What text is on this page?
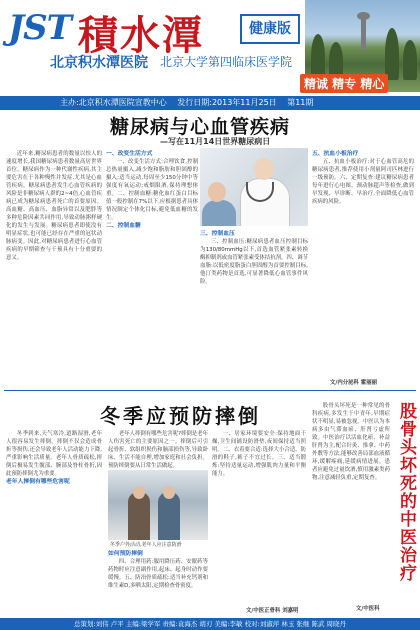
JST 積水潭	健康版
北京积水潭医院 北京大学第四临床医学院
精诚 精专 精心
主办:北京积水潭医院宣教中心 发行日期:2013年11月25日 第11期
糖尿病与心血管疾病
—写在11月14日世界糖尿病日

近年来,糖尿病患者的数量以惊人的速度增长,我国糖尿病患者数量高居世界首位。糖尿病作为一种代谢性疾病,其主要危害在于各种慢性并发症,尤其是心血管疾病。糖尿病患者发生心血管疾病的风险是非糖尿病人群的2~4倍,心血管疾病已成为糖尿病患者死亡的首要原因。高血糖、高血压、血脂异常以及肥胖等多种危险因素共同作用,导致动脉粥样硬化的发生与发展。糖尿病患者即使没有明显症状,也可能已经存在严重的冠状动脉病变。因此,对糖尿病患者进行心血管疾病的早期筛查与干预具有十分重要的意义。

一、改变生活方式

一、改变生活方式:合理饮食,控制总热量摄入,减少饱和脂肪和胆固醇的摄入;适当运动,每周至少150分钟中等强度有氧运动;戒烟限酒,保持理想体重。二、控制血糖:糖化血红蛋白目标值一般控制在7%以下,应根据患者具体情况制定个体化目标,避免低血糖的发生。

二、控制血糖

三、控制血压

三、控制血压:糖尿病患者血压控制目标为130/80mmHg以下,首选血管紧张素转换酶抑制剂或血管紧张素受体拮抗剂。四、调节血脂:以低密度脂蛋白胆固醇为首要控制目标,他汀类药物是首选,可显著降低心血管事件风险。

五、抗血小板治疗

五、抗血小板治疗:对于心血管高危的糖尿病患者,推荐使用小剂量阿司匹林进行一级预防。六、定期复查:建议糖尿病患者每年进行心电图、颈动脉超声等检查,做到早发现、早诊断、早治疗,全面降低心血管疾病的风险。

文/内分泌科 霍丽丽
冬季应预防摔倒

冬季到来,天气寒冷,道路湿滑,老年人很容易发生摔倒。摔倒不仅会造成骨折等损伤,还会导致老年人活动能力下降,严重影响生活质量。老年人骨质疏松,摔倒后极易发生髋部、腕部及脊柱骨折,因此预防摔倒尤为重要。

老年人摔倒有哪些危害呢

老年人摔倒有哪些危害呢?摔倒是老年人伤害死亡的主要原因之一。摔倒后可引起骨折、软组织损伤和脑部损伤等,导致卧床、生活不能自理,增加家庭和社会负担。预防摔倒要从日常生活做起。

冬季户外活动,老年人应注意防滑

如何预防摔倒

四、合理用药:服用降压药、安眠药等药物时应注意副作用,起床、起身时动作要缓慢。五、防治骨质疏松:适当补充钙剂和维生素D,多晒太阳,定期检查骨密度。

一、居家环境要安全:保持地面干燥,卫生间铺设防滑垫,夜间保持适当照明。二、衣着要合适:选择大小合适、防滑的鞋子,裤子不宜过长。三、适当锻炼:坚持适量运动,增强肌肉力量和平衡能力。

文/中医正骨科 刘嘉明

股骨头坏死是一种常见的骨科疾病,多发生于中青年,早期症状不明显,易被忽视。中医认为本病多由气滞血瘀、肝肾亏虚所致。中医治疗以活血化瘀、补益肝肾为主,配合针灸、推拿、中药外敷等方法,能够改善局部血液循环,缓解疼痛,延缓病情进展。患者应避免过量饮酒,慎用激素类药物,注意减轻负重,定期复查。 股骨头坏死的中医治疗
文/中医科
总策划:刘伟 卢平 主编:梁学军 责编:袁海杰 胡刃 美编:李敏 校对:刘淑萍 林玉 张继 陈武 周晓丹
